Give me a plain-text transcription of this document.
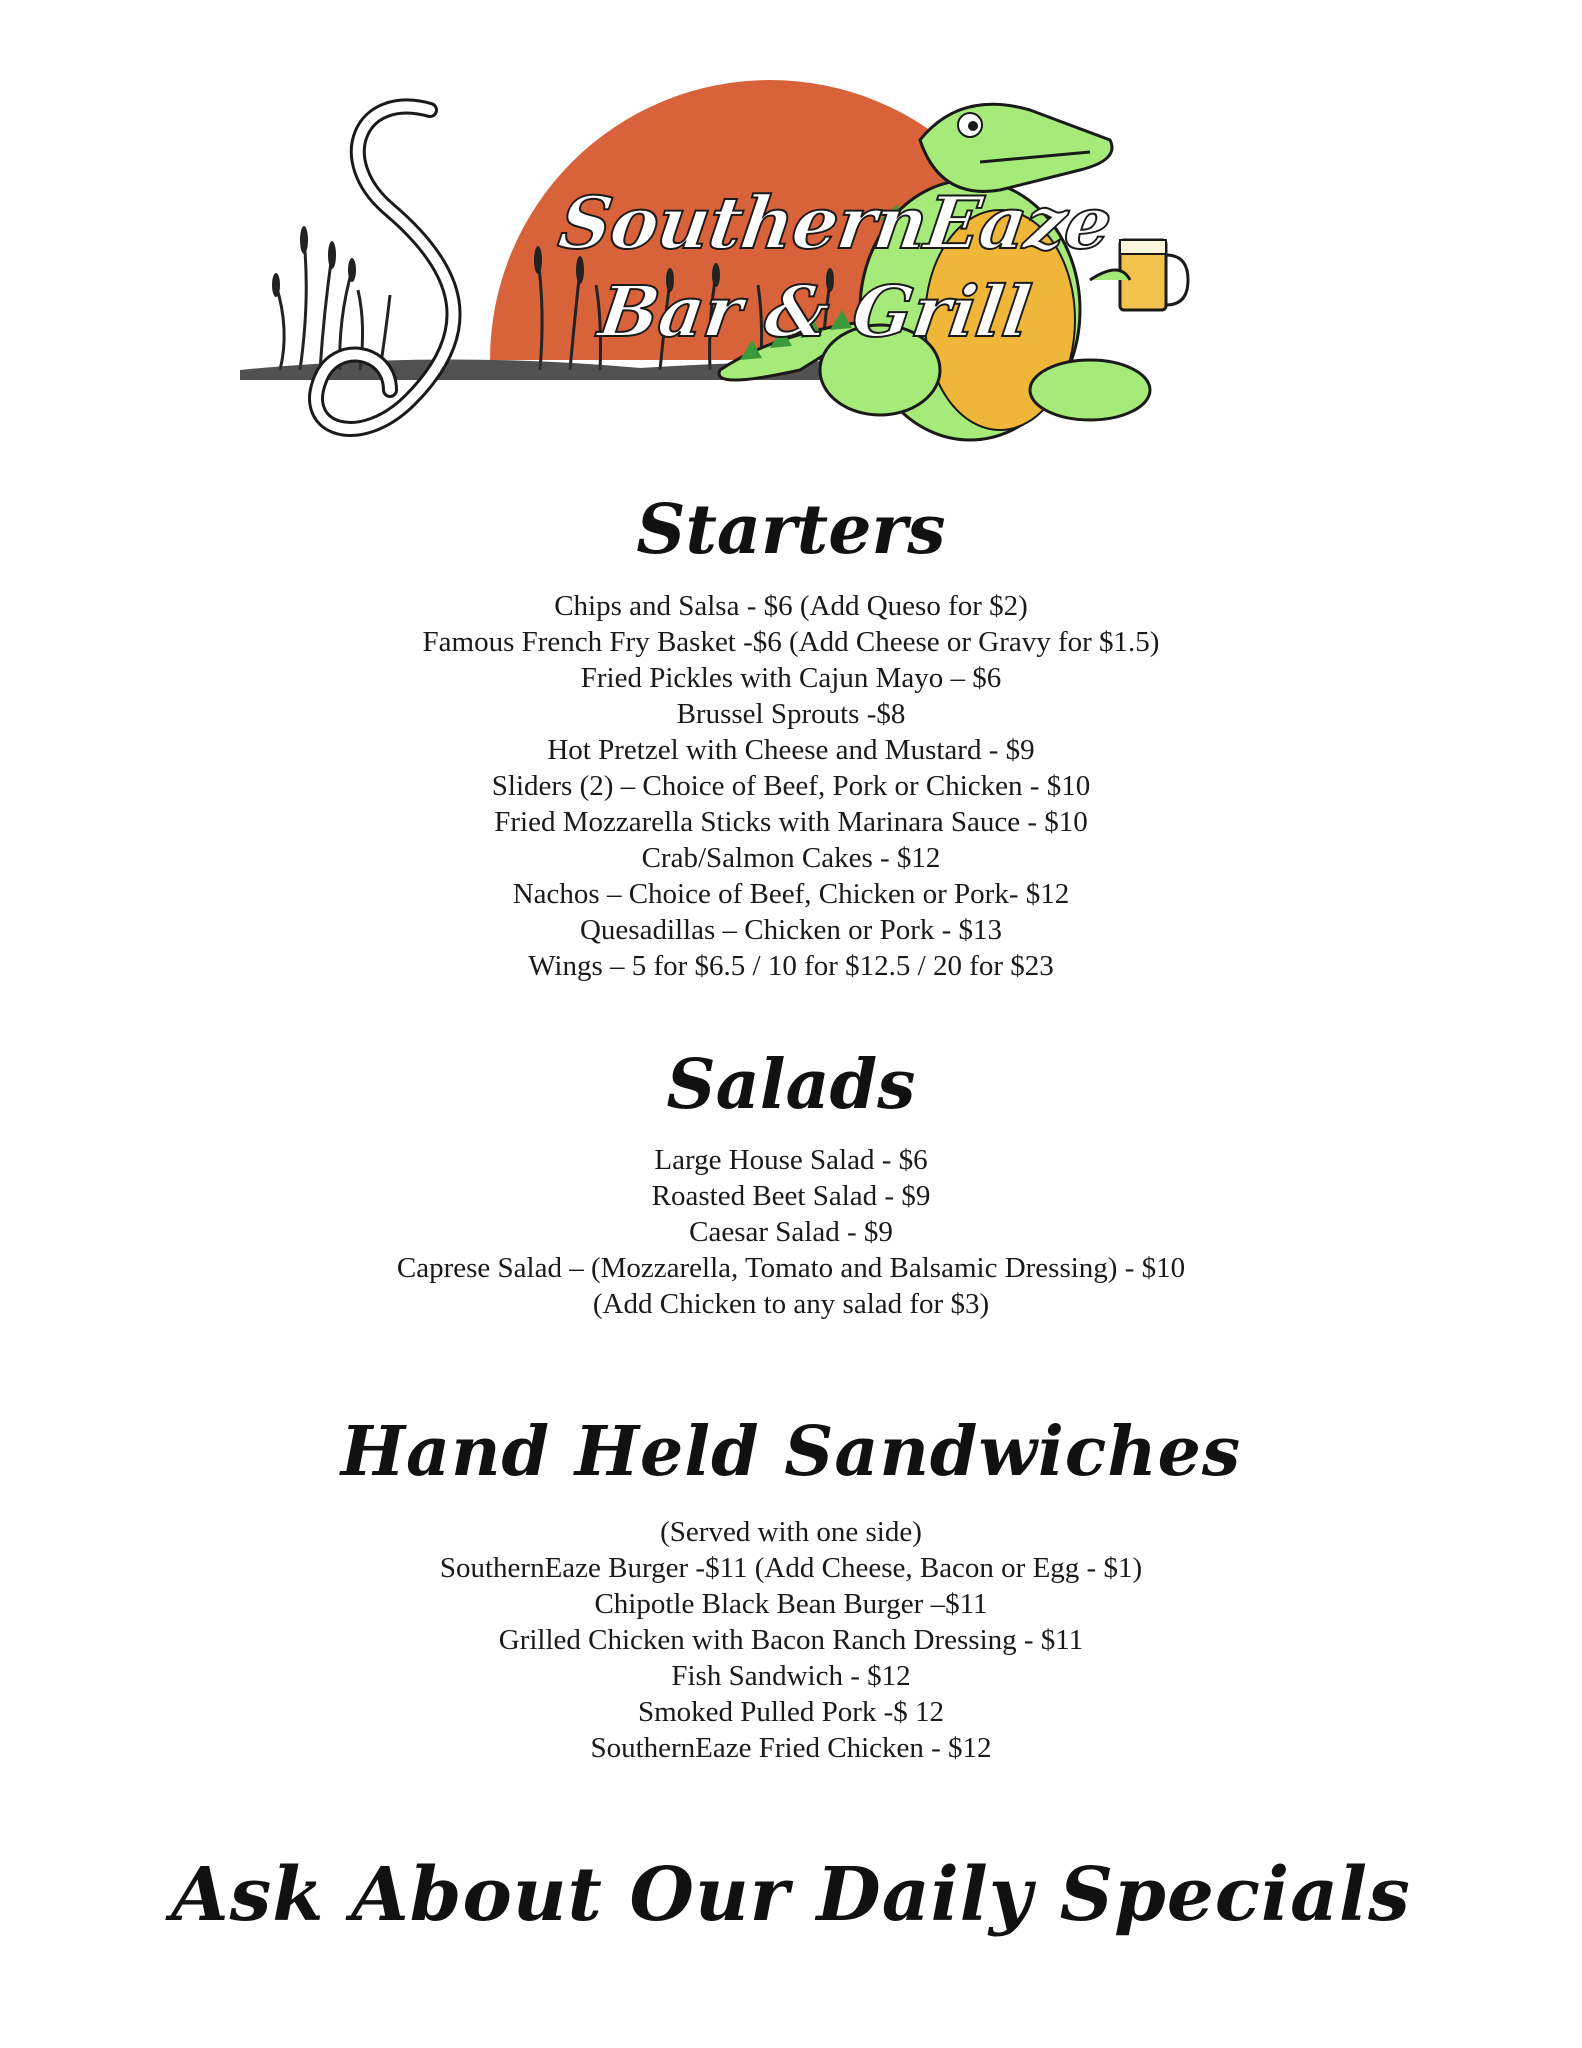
SouthernEaze
Bar & Grill
Starters
Chips and Salsa - $6 (Add Queso for $2)
Famous French Fry Basket -$6 (Add Cheese or Gravy for $1.5)
Fried Pickles with Cajun Mayo – $6
Brussel Sprouts -$8
Hot Pretzel with Cheese and Mustard - $9
Sliders (2) – Choice of Beef, Pork or Chicken - $10
Fried Mozzarella Sticks with Marinara Sauce - $10
Crab/Salmon Cakes - $12
Nachos – Choice of Beef, Chicken or Pork- $12
Quesadillas – Chicken or Pork - $13
Wings – 5 for $6.5 / 10 for $12.5 / 20 for $23
Salads
Large House Salad - $6
Roasted Beet Salad - $9
Caesar Salad - $9
Caprese Salad – (Mozzarella, Tomato and Balsamic Dressing) - $10
(Add Chicken to any salad for $3)
Hand Held Sandwiches
(Served with one side)
SouthernEaze Burger -$11 (Add Cheese, Bacon or Egg - $1)
Chipotle Black Bean Burger –$11
Grilled Chicken with Bacon Ranch Dressing - $11
Fish Sandwich - $12
Smoked Pulled Pork -$ 12
SouthernEaze Fried Chicken - $12
Ask About Our Daily Specials
